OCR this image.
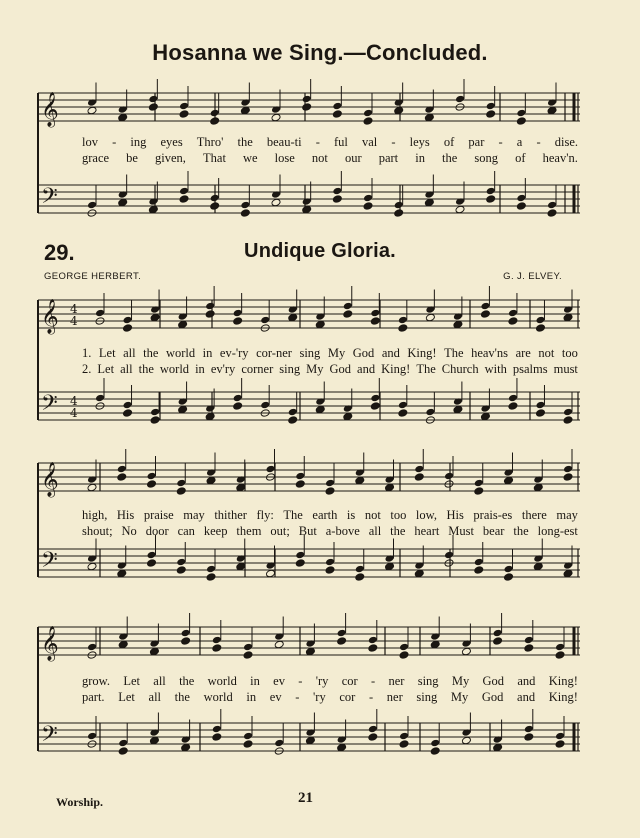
𝄞
𝄢
𝄞
𝄢
4
4
4
4
𝄞
𝄢
𝄞
𝄢
Hosanna we Sing.—Concluded.
lov - ing eyes Thro' the beau-ti - ful val - leys of par - a - dise.
grace be given, That we lose not our part in the song of heav'n.
29.	Undique Gloria.
GEORGE HERBERT.	G. J. ELVEY.
1. Let all the world in ev-'ry cor-ner sing My God and King! The heav'ns are not too
2. Let all the world in ev'ry corner sing My God and King! The Church with psalms must
high, His praise may thither fly: The earth is not too low, His prais-es there may
shout; No door can keep them out; But a-bove all the heart Must bear the long-est
grow. Let all the world in ev - 'ry cor - ner sing My God and King!
part. Let all the world in ev - 'ry cor - ner sing My God and King!
Worship.	21
